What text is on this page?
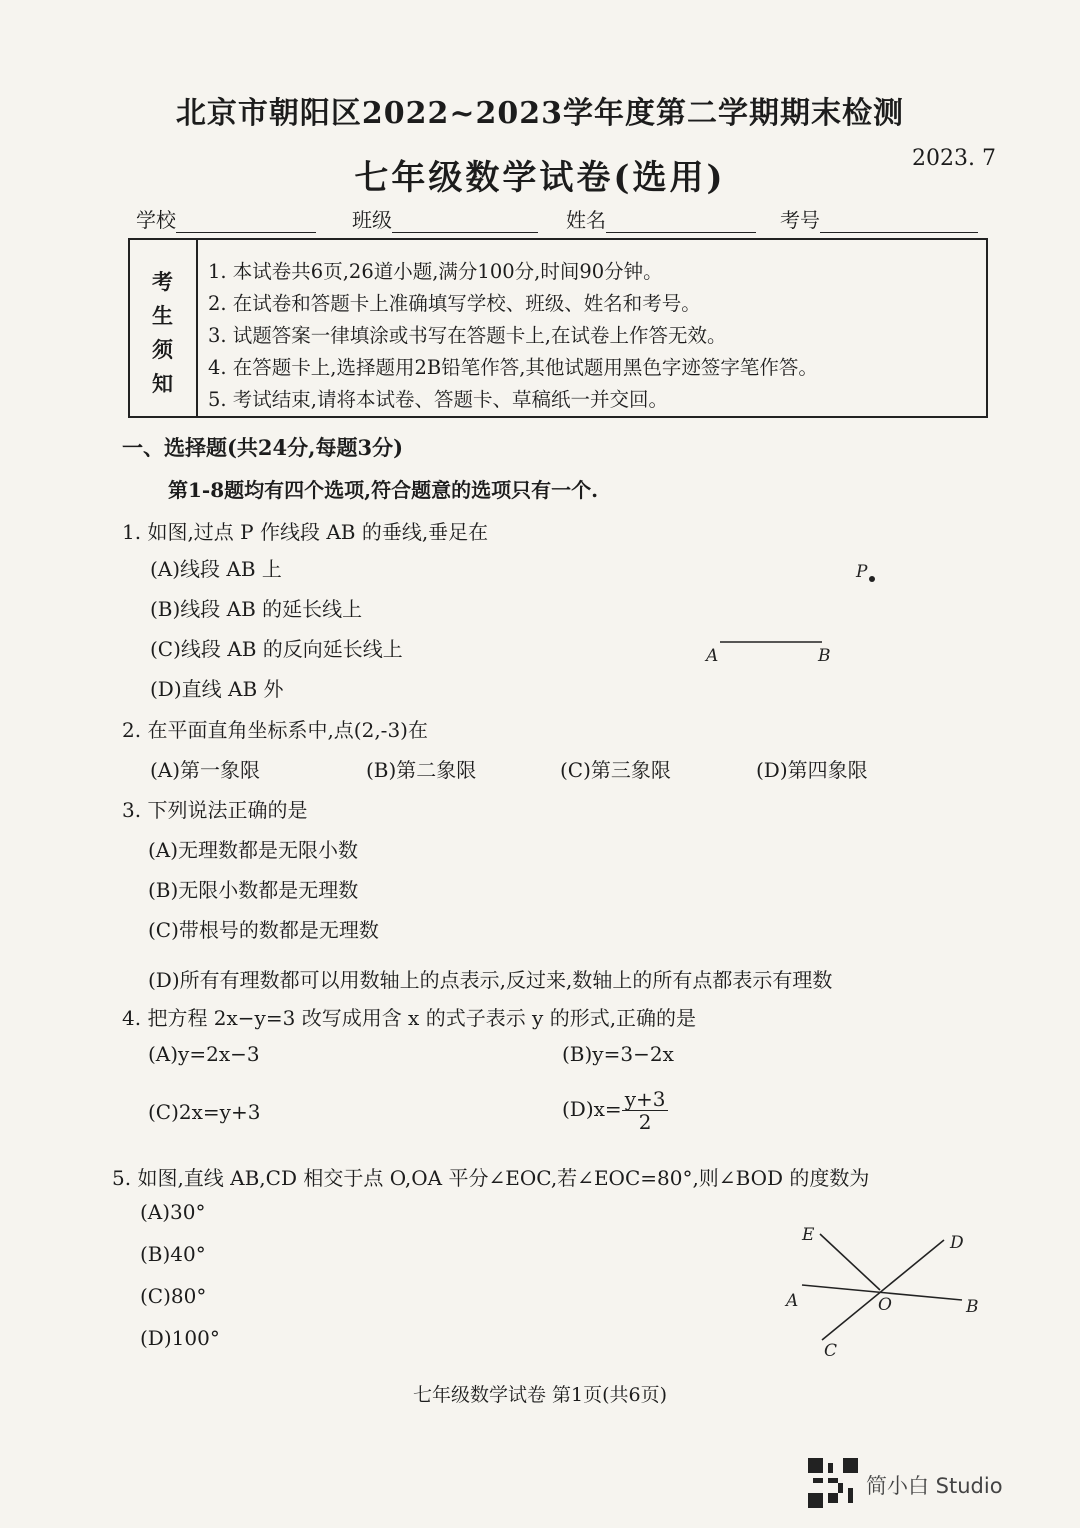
北京市朝阳区2022~2023学年度第二学期期末检测
七年级数学试卷(选用)	2023. 7
学校	班级	姓名	考号
考
生
须
知
1. 本试卷共6页,26道小题,满分100分,时间90分钟。
2. 在试卷和答题卡上准确填写学校、班级、姓名和考号。
3. 试题答案一律填涂或书写在答题卡上,在试卷上作答无效。
4. 在答题卡上,选择题用2B铅笔作答,其他试题用黑色字迹签字笔作答。
5. 考试结束,请将本试卷、答题卡、草稿纸一并交回。
一、选择题(共24分,每题3分)
第1-8题均有四个选项,符合题意的选项只有一个.
1. 如图,过点 P 作线段 AB 的垂线,垂足在
(A)线段 AB 上
(B)线段 AB 的延长线上
(C)线段 AB 的反向延长线上
(D)直线 AB 外
P
A	B
2. 在平面直角坐标系中,点(2,-3)在
(A)第一象限	(B)第二象限	(C)第三象限	(D)第四象限
3. 下列说法正确的是
(A)无理数都是无限小数
(B)无限小数都是无理数
(C)带根号的数都是无理数
(D)所有有理数都可以用数轴上的点表示,反过来,数轴上的所有点都表示有理数
4. 把方程 2x−y=3 改写成用含 x 的式子表示 y 的形式,正确的是
(A)y=2x−3	(B)y=3−2x
(C)2x=y+3	$(D)x= \frac{y+3}{2}$
5. 如图,直线 AB,CD 相交于点 O,OA 平分∠EOC,若∠EOC=80°,则∠BOD 的度数为
(A)30°
(B)40°
(C)80°
(D)100°
E	D
A	O	B
C
七年级数学试卷 第1页(共6页)
简小白 Studio
